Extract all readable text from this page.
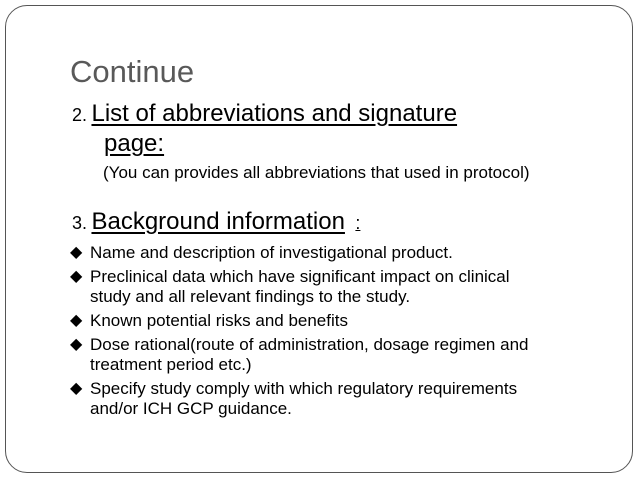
Continue
2. List of abbreviations and signature
page:
(You can provides all abbreviations that used in protocol)
3. Background information :
◆ Name and description of investigational product.
◆ Preclinical data which have significant impact on clinical
study and all relevant findings to the study.
◆ Known potential risks and benefits
◆ Dose rational(route of administration, dosage regimen and
treatment period etc.)
◆ Specify study comply with which regulatory requirements
and/or ICH GCP guidance.
